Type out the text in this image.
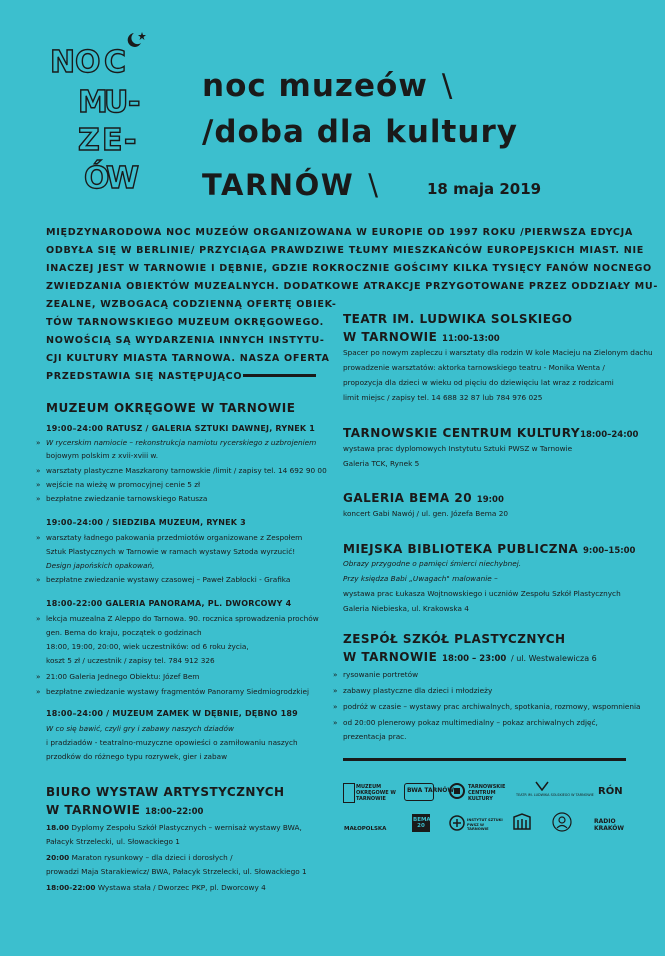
N
O C
M
U
-
Z E -
Ó
W
noc muzeów \
/doba dla kultury
TARNÓW \	18 maja 2019
MIĘDZYNARODOWA NOC MUZEÓW ORGANIZOWANA W EUROPIE OD 1997 ROKU /PIERWSZA EDYCJA
ODBYŁA SIĘ W BERLINIE/ PRZYCIĄGA PRAWDZIWE TŁUMY MIESZKAŃCÓW EUROPEJSKICH MIAST. NIE
INACZEJ JEST W TARNOWIE I DĘBNIE, GDZIE ROKROCZNIE GOŚCIMY KILKA TYSIĘCY FANÓW NOCNEGO
ZWIEDZANIA OBIEKTÓW MUZEALNYCH. DODATKOWE ATRAKCJE PRZYGOTOWANE PRZEZ ODDZIAŁY MU-
ZEALNE, WZBOGACĄ CODZIENNĄ OFERTĘ OBIEK-
TÓW TARNOWSKIEGO MUZEUM OKRĘGOWEGO.
NOWOŚCIĄ SĄ WYDARZENIA INNYCH INSTYTU-
CJI KULTURY MIASTA TARNOWA. NASZA OFERTA
PRZEDSTAWIA SIĘ NASTĘPUJĄCO
MUZEUM OKRĘGOWE W TARNOWIE
19:00–24:00 RATUSZ / GALERIA SZTUKI DAWNEJ, RYNEK 1
» W rycerskim namiocie – rekonstrukcja namiotu rycerskiego z uzbrojeniem
bojowym polskim z xvii-xviii w.
» warsztaty plastyczne Maszkarony tarnowskie /limit / zapisy tel. 14 692 90 00
» wejście na wieżę w promocyjnej cenie 5 zł
» bezpłatne zwiedzanie tarnowskiego Ratusza
19:00–24:00 / SIEDZIBA MUZEUM, RYNEK 3
» warsztaty ładnego pakowania przedmiotów organizowane z Zespołem
Sztuk Plastycznych w Tarnowie w ramach wystawy Sztoda wyrzucić!
Design japońskich opakowań,
» bezpłatne zwiedzanie wystawy czasowej – Paweł Zabłocki - Grafika
18:00-22:00 GALERIA PANORAMA, PL. DWORCOWY 4
» lekcja muzealna Z Aleppo do Tarnowa. 90. rocznica sprowadzenia prochów
gen. Bema do kraju, początek o godzinach
18:00, 19:00, 20:00, wiek uczestników: od 6 roku życia,
koszt 5 zł / uczestnik / zapisy tel. 784 912 326
» 21:00 Galeria Jednego Obiektu: Józef Bem
» bezpłatne zwiedzanie wystawy fragmentów Panoramy Siedmiogrodzkiej
18:00–24:00 / MUZEUM ZAMEK W DĘBNIE, DĘBNO 189
W co się bawić, czyli gry i zabawy naszych dziadów
i pradziadów - teatralno-muzyczne opowieści o zamiłowaniu naszych
przodków do różnego typu rozrywek, gier i zabaw
BIURO WYSTAW ARTYSTYCZNYCH
W TARNOWIE 18:00–22:00
18.00 Dyplomy Zespołu Szkół Plastycznych – wernisaż wystawy BWA,
Pałacyk Strzelecki, ul. Słowackiego 1
20:00 Maraton rysunkowy – dla dzieci i dorosłych /
prowadzi Maja Starakiewicz/ BWA, Pałacyk Strzelecki, ul. Słowackiego 1
18:00-22:00 Wystawa stała / Dworzec PKP, pl. Dworcowy 4
TEATR IM. LUDWIKA SOLSKIEGO
W TARNOWIE 11:00-13:00
Spacer po nowym zapleczu i warsztaty dla rodzin W kole Macieju na Zielonym dachu
prowadzenie warsztatów: aktorka tarnowskiego teatru - Monika Wenta /
propozycja dla dzieci w wieku od pięciu do dziewięciu lat wraz z rodzicami
limit miejsc / zapisy tel. 14 688 32 87 lub 784 976 025
TARNOWSKIE CENTRUM KULTURY18:00–24:00
wystawa prac dyplomowych Instytutu Sztuki PWSZ w Tarnowie
Galeria TCK, Rynek 5
GALERIA BEMA 20 19:00
koncert Gabi Nawój / ul. gen. Józefa Bema 20
MIEJSKA BIBLIOTEKA PUBLICZNA 9:00–15:00
Obrazy przygodne o pamięci śmierci niechybnej.
Przy księdza Babi „Uwagach" malowanie –
wystawa prac Łukasza Wojtnowskiego i uczniów Zespołu Szkół Plastycznych
Galeria Niebieska, ul. Krakowska 4
ZESPÓŁ SZKÓŁ PLASTYCZNYCH
W TARNOWIE 18:00 – 23:00 / ul. Westwalewicza 6
» rysowanie portretów
» zabawy plastyczne dla dzieci i młodzieży
» podróż w czasie – wystawy prac archiwalnych, spotkania, rozmowy, wspomnienia
» od 20:00 plenerowy pokaz multimedialny – pokaz archiwalnych zdjęć,
prezentacja prac.
MUZEUM OKRĘGOWE W TARNOWIE
BWA TARNÓW	TARNOWSKIE CENTRUM KULTURY
TEATR IM. LUDWIKA SOLSKIEGO W TARNOWIE RÓN
MAŁOPOLSKA
BEMA 20
INSTYTUT SZTUKI PWSZ W TARNOWIE
RADIO KRAKÓW
